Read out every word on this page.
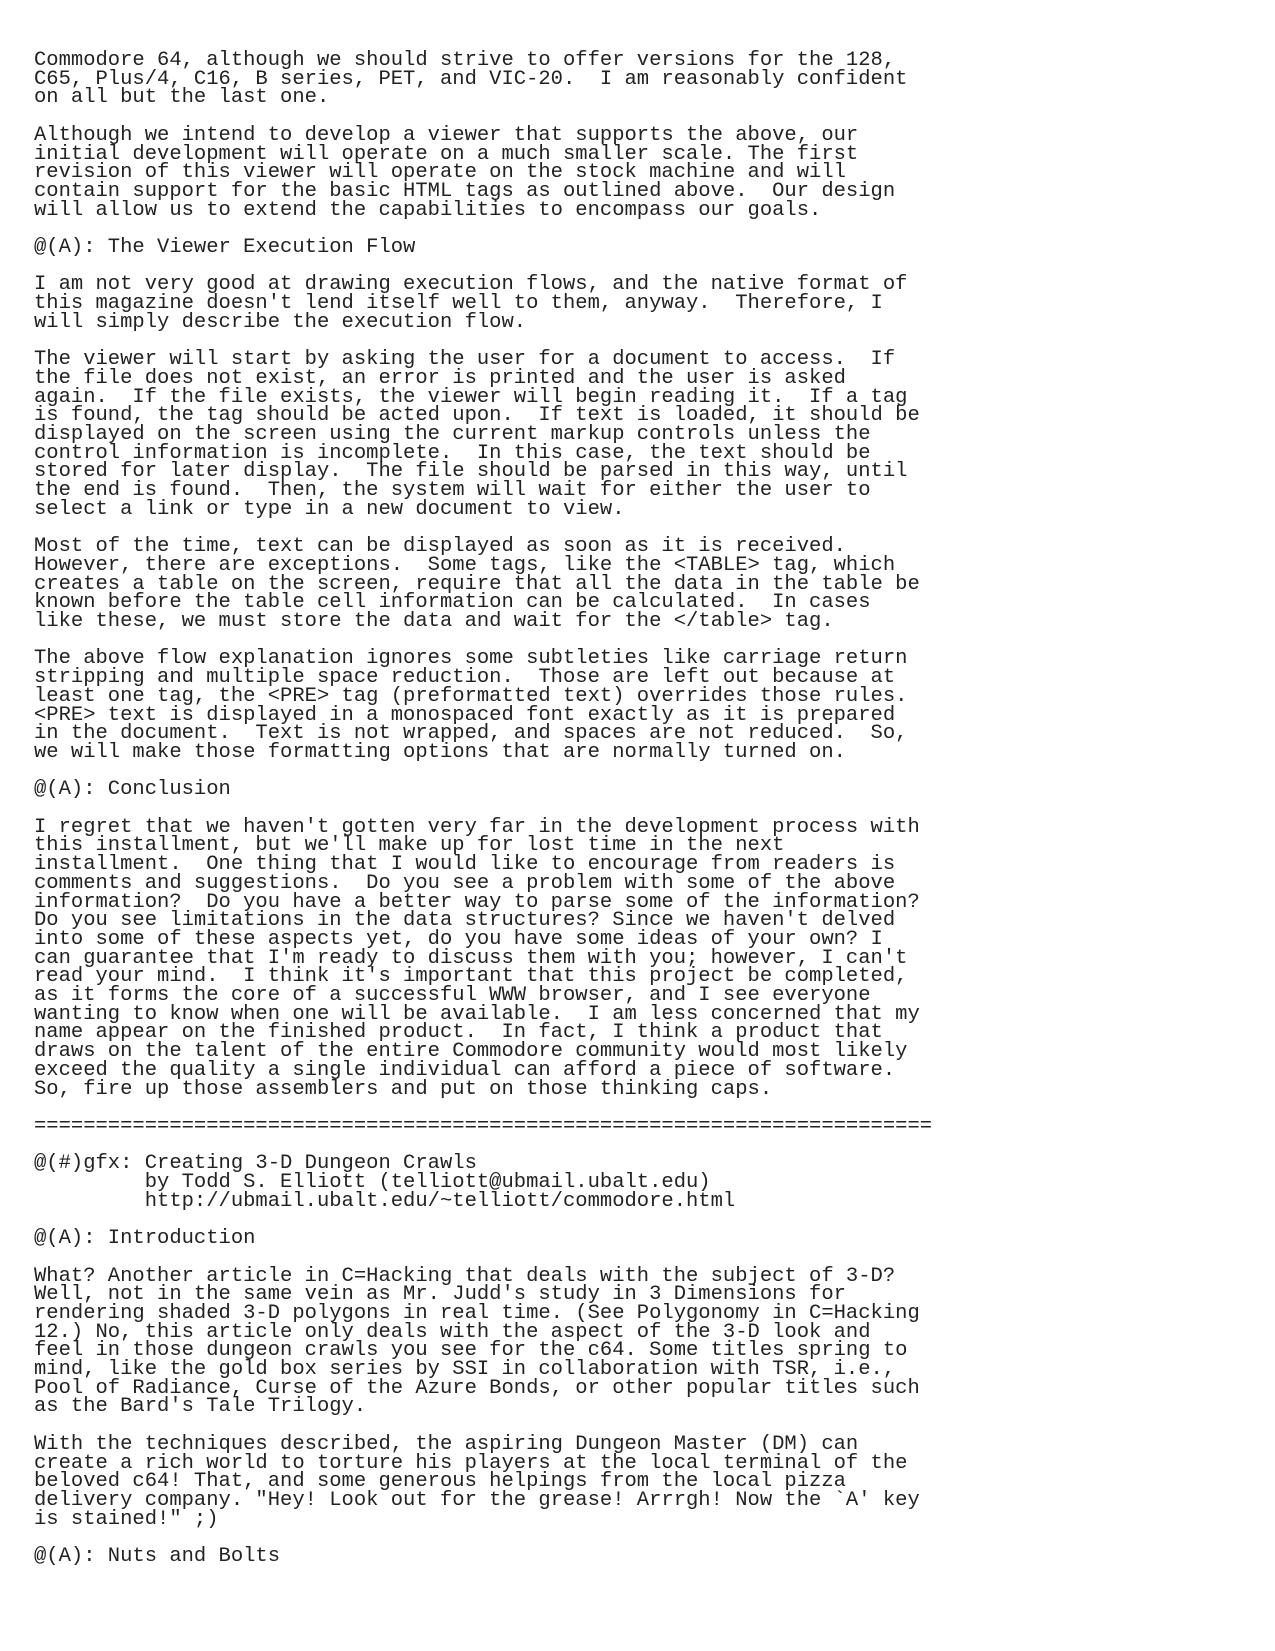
Commodore 64, although we should strive to offer versions for the 128,
C65, Plus/4, C16, B series, PET, and VIC-20.  I am reasonably confident
on all but the last one.
Although we intend to develop a viewer that supports the above, our
initial development will operate on a much smaller scale. The first
revision of this viewer will operate on the stock machine and will
contain support for the basic HTML tags as outlined above.  Our design
will allow us to extend the capabilities to encompass our goals.
@(A): The Viewer Execution Flow
I am not very good at drawing execution flows, and the native format of
this magazine doesn't lend itself well to them, anyway.  Therefore, I
will simply describe the execution flow.
The viewer will start by asking the user for a document to access.  If
the file does not exist, an error is printed and the user is asked
again.  If the file exists, the viewer will begin reading it.  If a tag
is found, the tag should be acted upon.  If text is loaded, it should be
displayed on the screen using the current markup controls unless the
control information is incomplete.  In this case, the text should be
stored for later display.  The file should be parsed in this way, until
the end is found.  Then, the system will wait for either the user to
select a link or type in a new document to view.
Most of the time, text can be displayed as soon as it is received.
However, there are exceptions.  Some tags, like the <TABLE> tag, which
creates a table on the screen, require that all the data in the table be
known before the table cell information can be calculated.  In cases
like these, we must store the data and wait for the </table> tag.
The above flow explanation ignores some subtleties like carriage return
stripping and multiple space reduction.  Those are left out because at
least one tag, the <PRE> tag (preformatted text) overrides those rules.
<PRE> text is displayed in a monospaced font exactly as it is prepared
in the document.  Text is not wrapped, and spaces are not reduced.  So,
we will make those formatting options that are normally turned on.
@(A): Conclusion
I regret that we haven't gotten very far in the development process with
this installment, but we'll make up for lost time in the next
installment.  One thing that I would like to encourage from readers is
comments and suggestions.  Do you see a problem with some of the above
information?  Do you have a better way to parse some of the information?
Do you see limitations in the data structures? Since we haven't delved
into some of these aspects yet, do you have some ideas of your own? I
can guarantee that I'm ready to discuss them with you; however, I can't
read your mind.  I think it's important that this project be completed,
as it forms the core of a successful WWW browser, and I see everyone
wanting to know when one will be available.  I am less concerned that my
name appear on the finished product.  In fact, I think a product that
draws on the talent of the entire Commodore community would most likely
exceed the quality a single individual can afford a piece of software.
So, fire up those assemblers and put on those thinking caps.
=========================================================================
@(#)gfx: Creating 3-D Dungeon Crawls
by Todd S. Elliott (telliott@ubmail.ubalt.edu)
http://ubmail.ubalt.edu/~telliott/commodore.html
@(A): Introduction
What? Another article in C=Hacking that deals with the subject of 3-D?
Well, not in the same vein as Mr. Judd's study in 3 Dimensions for
rendering shaded 3-D polygons in real time. (See Polygonomy in C=Hacking
12.) No, this article only deals with the aspect of the 3-D look and
feel in those dungeon crawls you see for the c64. Some titles spring to
mind, like the gold box series by SSI in collaboration with TSR, i.e.,
Pool of Radiance, Curse of the Azure Bonds, or other popular titles such
as the Bard's Tale Trilogy.
With the techniques described, the aspiring Dungeon Master (DM) can
create a rich world to torture his players at the local terminal of the
beloved c64! That, and some generous helpings from the local pizza
delivery company. "Hey! Look out for the grease! Arrrgh! Now the `A' key
is stained!" ;)
@(A): Nuts and Bolts
